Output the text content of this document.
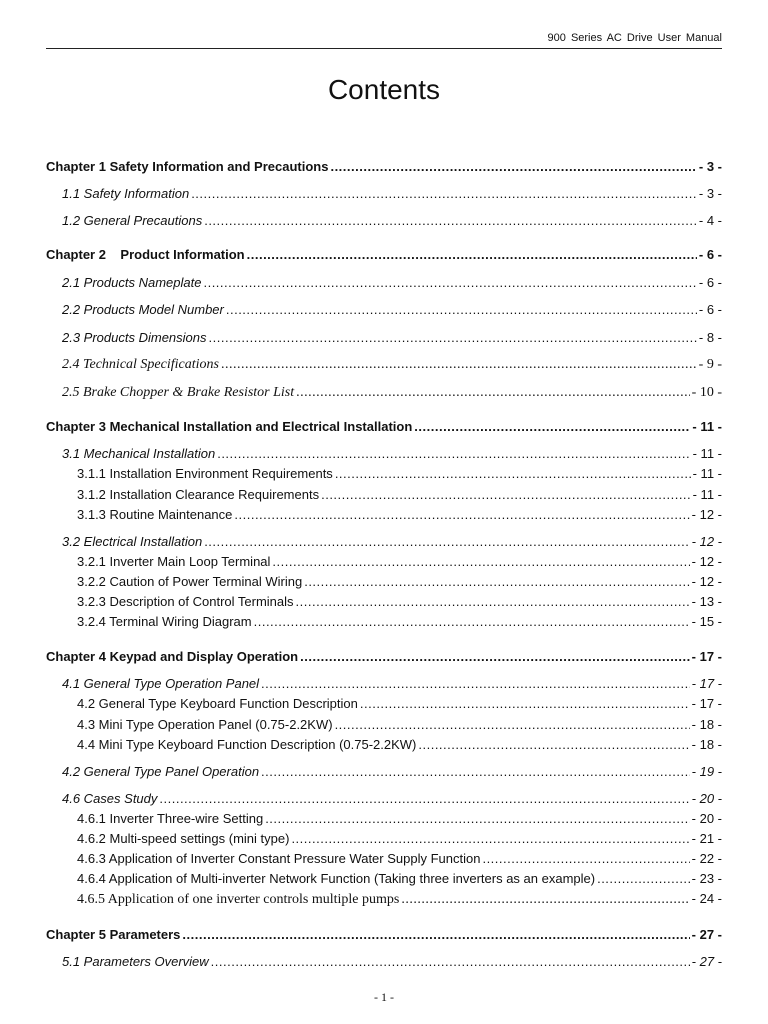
900 Series AC Drive User Manual
Contents
Chapter 1 Safety Information and Precautions .....	- 3 -
1.1 Safety Information .....	- 3 -
1.2 General Precautions .....	- 4 -
Chapter 2    Product Information .....	- 6 -
2.1 Products Nameplate .....	- 6 -
2.2 Products Model Number .....	- 6 -
2.3 Products Dimensions .....	- 8 -
2.4 Technical Specifications .....	- 9 -
2.5 Brake Chopper & Brake Resistor List .....	- 10 -
Chapter 3 Mechanical Installation and Electrical Installation .....	- 11 -
3.1 Mechanical Installation .....	- 11 -
3.1.1 Installation Environment Requirements .....	- 11 -
3.1.2 Installation Clearance Requirements .....	- 11 -
3.1.3 Routine Maintenance .....	- 12 -
3.2 Electrical Installation .....	- 12 -
3.2.1 Inverter Main Loop Terminal .....	- 12 -
3.2.2 Caution of Power Terminal Wiring .....	- 12 -
3.2.3 Description of Control Terminals .....	- 13 -
3.2.4 Terminal Wiring Diagram .....	- 15 -
Chapter 4 Keypad and Display Operation .....	- 17 -
4.1 General Type Operation Panel .....	- 17 -
4.2 General Type Keyboard Function Description .....	- 17 -
4.3 Mini Type Operation Panel (0.75-2.2KW) .....	- 18 -
4.4 Mini Type Keyboard Function Description (0.75-2.2KW) .....	- 18 -
4.2 General Type Panel Operation .....	- 19 -
4.6 Cases Study .....	- 20 -
4.6.1 Inverter Three-wire Setting .....	- 20 -
4.6.2 Multi-speed settings (mini type) .....	- 21 -
4.6.3 Application of Inverter Constant Pressure Water Supply Function .....	- 22 -
4.6.4 Application of Multi-inverter Network Function (Taking three inverters as an example) .....	- 23 -
4.6.5 Application of one inverter controls multiple pumps .....	- 24 -
Chapter 5 Parameters .....	- 27 -
5.1 Parameters Overview .....	- 27 -
- 1 -
